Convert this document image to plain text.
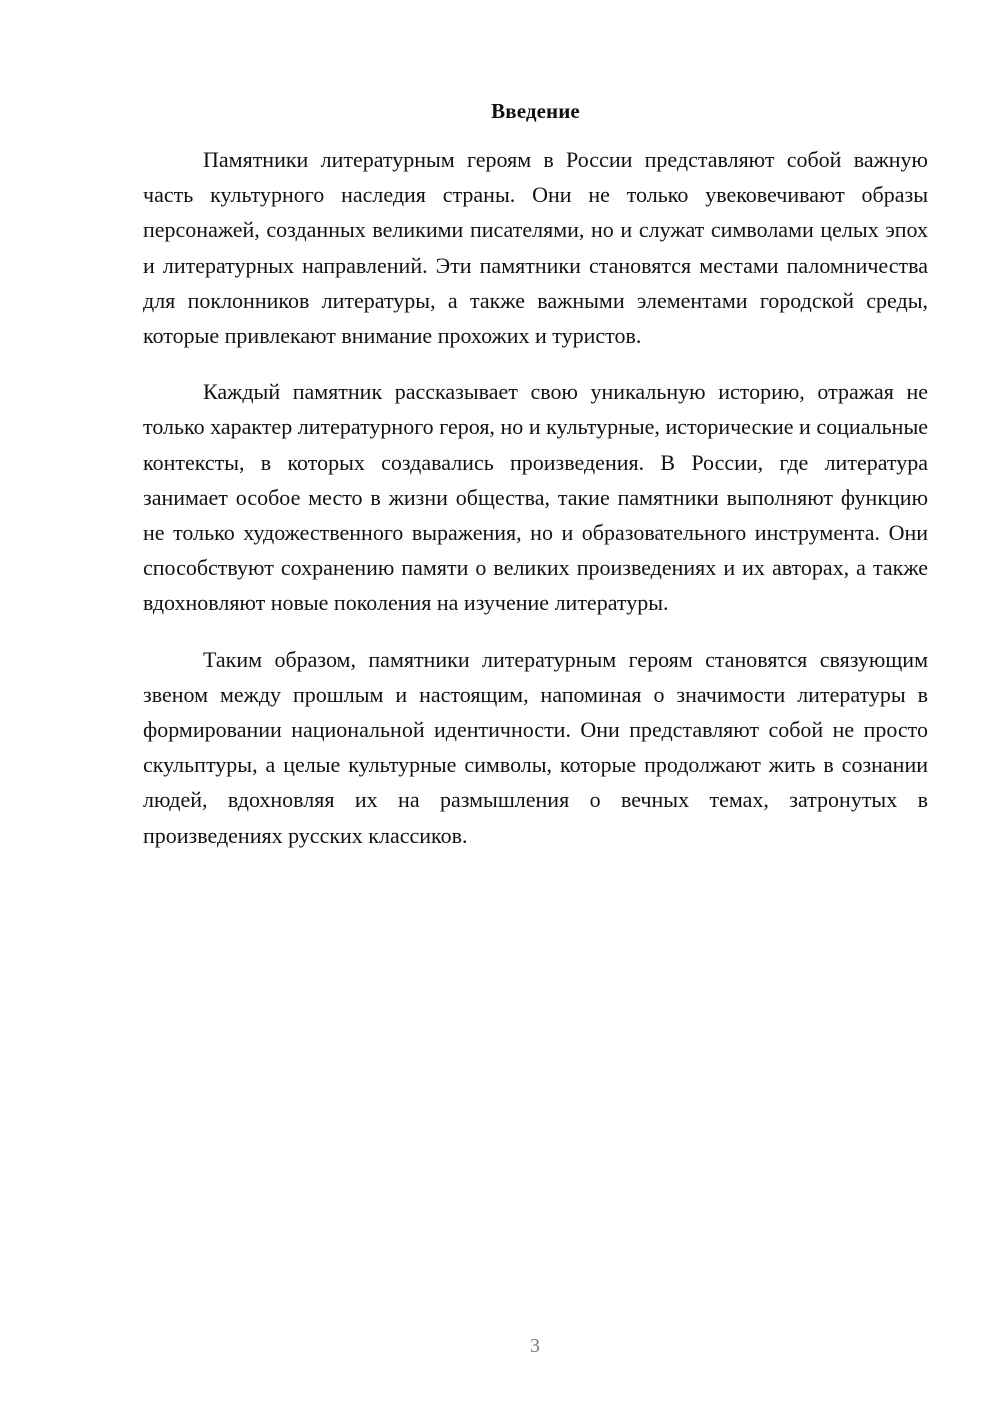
Введение

Памятники литературным героям в России представляют собой важную часть культурного наследия страны. Они не только увековечивают образы персонажей, созданных великими писателями, но и служат символами целых эпох и литературных направлений. Эти памятники становятся местами паломничества для поклонников литературы, а также важными элементами городской среды, которые привлекают внимание прохожих и туристов.

Каждый памятник рассказывает свою уникальную историю, отражая не только характер литературного героя, но и культурные, исторические и социальные контексты, в которых создавались произведения. В России, где литература занимает особое место в жизни общества, такие памятники выполняют функцию не только художественного выражения, но и образовательного инструмента. Они способствуют сохранению памяти о великих произведениях и их авторах, а также вдохновляют новые поколения на изучение литературы.

Таким образом, памятники литературным героям становятся связующим звеном между прошлым и настоящим, напоминая о значимости литературы в формировании национальной идентичности. Они представляют собой не просто скульптуры, а целые культурные символы, которые продолжают жить в сознании людей, вдохновляя их на размышления о вечных темах, затронутых в произведениях русских классиков.

3
